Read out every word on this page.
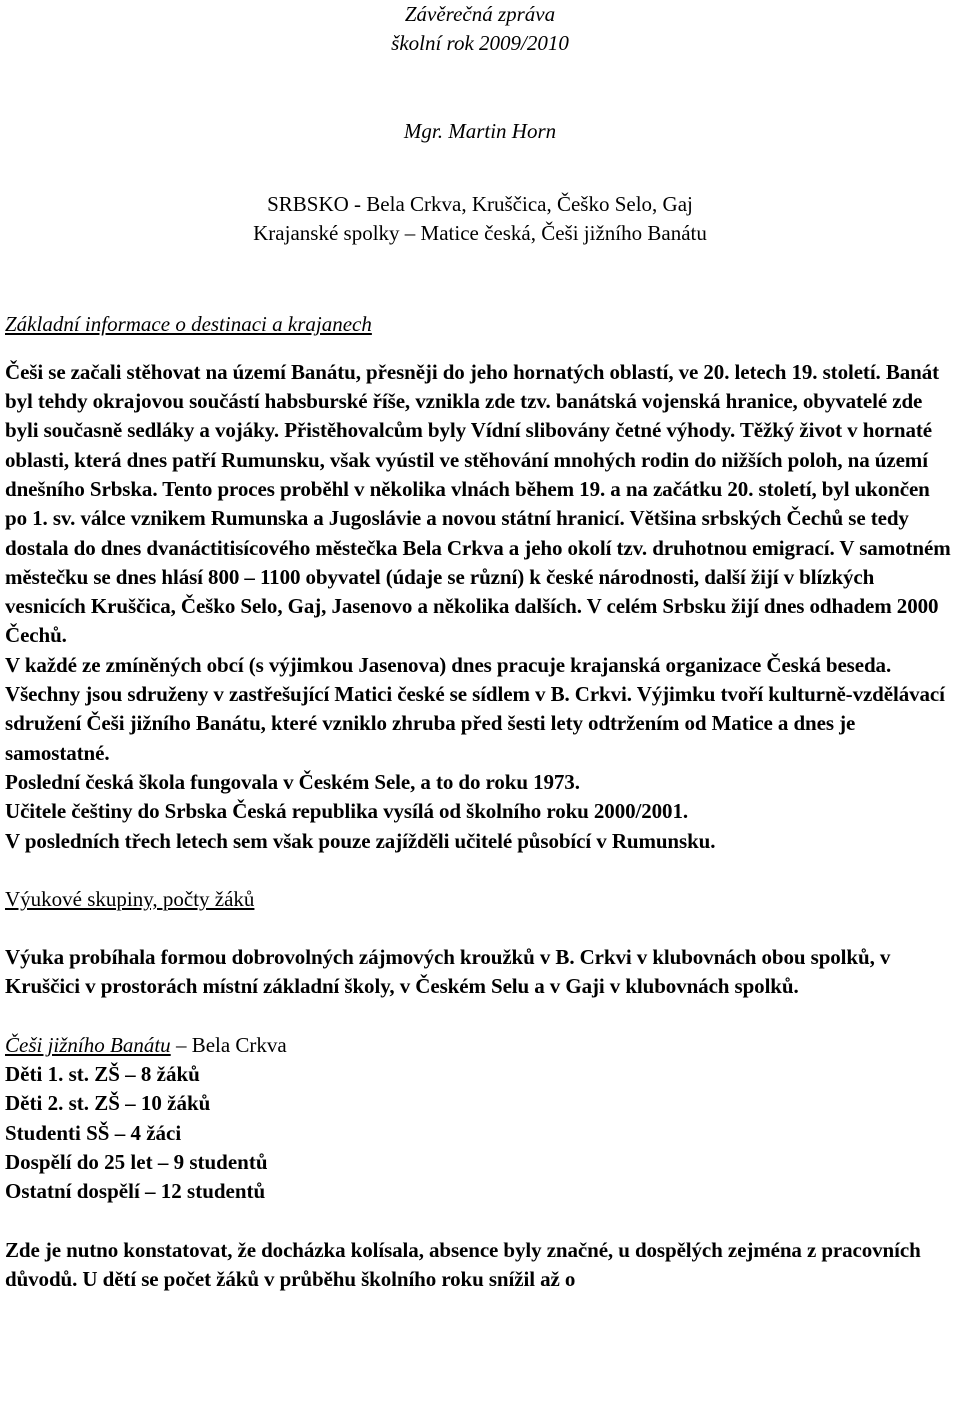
Závěrečná zpráva
školní rok 2009/2010
Mgr. Martin Horn
SRBSKO - Bela Crkva, Kruščica, Češko Selo, Gaj
Krajanské spolky – Matice česká, Češi jižního Banátu
Základní informace o destinaci a krajanech

Češi se začali stěhovat na území Banátu, přesněji do jeho hornatých oblastí, ve 20. letech 19. století. Banát byl tehdy okrajovou součástí habsburské říše, vznikla zde tzv. banátská vojenská hranice, obyvatelé zde byli současně sedláky a vojáky. Přistěhovalcům byly Vídní slibovány četné výhody. Těžký život v hornaté oblasti, která dnes patří Rumunsku, však vyústil ve stěhování mnohých rodin do nižších poloh, na území dnešního Srbska. Tento proces proběhl v několika vlnách během 19. a na začátku 20. století, byl ukončen po 1. sv. válce vznikem Rumunska a Jugoslávie a novou státní hranicí. Většina srbských Čechů se tedy dostala do dnes dvanáctitisícového městečka Bela Crkva a jeho okolí tzv. druhotnou emigrací. V samotném městečku se dnes hlásí 800 – 1100 obyvatel (údaje se různí) k české národnosti, další žijí v blízkých vesnicích Kruščica, Češko Selo, Gaj, Jasenovo a několika dalších. V celém Srbsku žijí dnes odhadem 2000 Čechů.

V každé ze zmíněných obcí (s výjimkou Jasenova) dnes pracuje krajanská organizace Česká beseda. Všechny jsou sdruženy v zastřešující Matici české se sídlem v B. Crkvi. Výjimku tvoří kulturně-vzdělávací sdružení Češi jižního Banátu, které vzniklo zhruba před šesti lety odtržením od Matice a dnes je samostatné.

Poslední česká škola fungovala v Českém Sele, a to do roku 1973.

Učitele češtiny do Srbska Česká republika vysílá od školního roku 2000/2001.

V posledních třech letech sem však pouze zajížděli učitelé působící v Rumunsku.

Výukové skupiny, počty žáků

Výuka probíhala formou dobrovolných zájmových kroužků v B. Crkvi v klubovnách obou spolků, v Kruščici v prostorách místní základní školy, v Českém Selu a v Gaji v klubovnách spolků.

Češi jižního Banátu – Bela Crkva
Děti 1. st. ZŠ – 8 žáků
Děti 2. st. ZŠ – 10 žáků
Studenti SŠ – 4 žáci
Dospělí do 25 let – 9 studentů
Ostatní dospělí – 12 studentů

Zde je nutno konstatovat, že docházka kolísala, absence byly značné, u dospělých zejména z pracovních důvodů. U dětí se počet žáků v průběhu školního roku snížil až o
